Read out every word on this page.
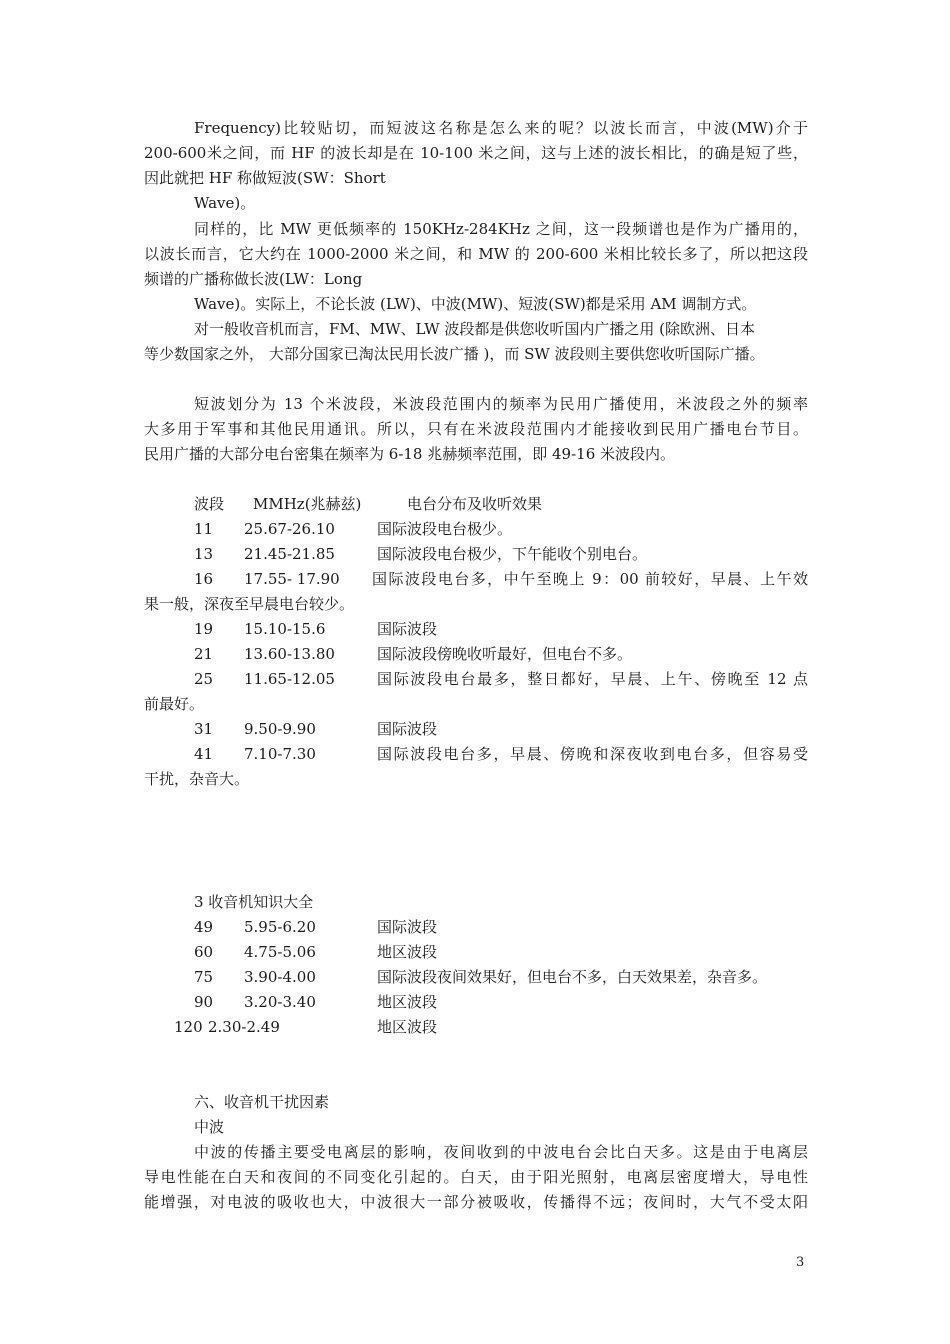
Frequency)比较贴切，而短波这名称是怎么来的呢？以波长而言，中波(MW)介于
200-600米之间，而 HF 的波长却是在 10-100 米之间，这与上述的波长相比，的确是短了些，
因此就把 HF 称做短波(SW：Short
Wave)。
同样的，比 MW 更低频率的 150KHz-284KHz 之间，这一段频谱也是作为广播用的，
以波长而言，它大约在 1000-2000 米之间，和 MW 的 200-600 米相比较长多了，所以把这段
频谱的广播称做长波(LW：Long
Wave)。实际上，不论长波 (LW)、中波(MW)、短波(SW)都是采用 AM 调制方式。
对一般收音机而言，FM、MW、LW 波段都是供您收听国内广播之用 (除欧洲、日本
等少数国家之外， 大部分国家已淘汰民用长波广播 )，而 SW 波段则主要供您收听国际广播。
短波划分为 13 个米波段，米波段范围内的频率为民用广播使用，米波段之外的频率
大多用于军事和其他民用通讯。所以，只有在米波段范围内才能接收到民用广播电台节目。
民用广播的大部分电台密集在频率为 6-18 兆赫频率范围，即 49-16 米波段内。
波段 MMHz(兆赫兹)	电台分布及收听效果
11 25.67-26.10	国际波段电台极少。
13 21.45-21.85	国际波段电台极少，下午能收个别电台。
16 17.55- 17.90 国际波段电台多，中午至晚上 9：00 前较好，早晨、上午效
果一般，深夜至早晨电台较少。
19 15.10-15.6	国际波段
21 13.60-13.80	国际波段傍晚收听最好，但电台不多。
25 11.65-12.05	国际波段电台最多，整日都好，早晨、上午、傍晚至 12 点
前最好。
31 9.50-9.90	国际波段
41 7.10-7.30	国际波段电台多，早晨、傍晚和深夜收到电台多，但容易受
干扰，杂音大。
3 收音机知识大全
49 5.95-6.20	国际波段
60 4.75-5.06	地区波段
75 3.90-4.00	国际波段夜间效果好，但电台不多，白天效果差，杂音多。
90 3.20-3.40	地区波段
120 2.30-2.49	地区波段
六、收音机干扰因素
中波
中波的传播主要受电离层的影响，夜间收到的中波电台会比白天多。这是由于电离层
导电性能在白天和夜间的不同变化引起的。白天，由于阳光照射，电离层密度增大，导电性
能增强，对电波的吸收也大，中波很大一部分被吸收，传播得不远；夜间时，大气不受太阳
3
